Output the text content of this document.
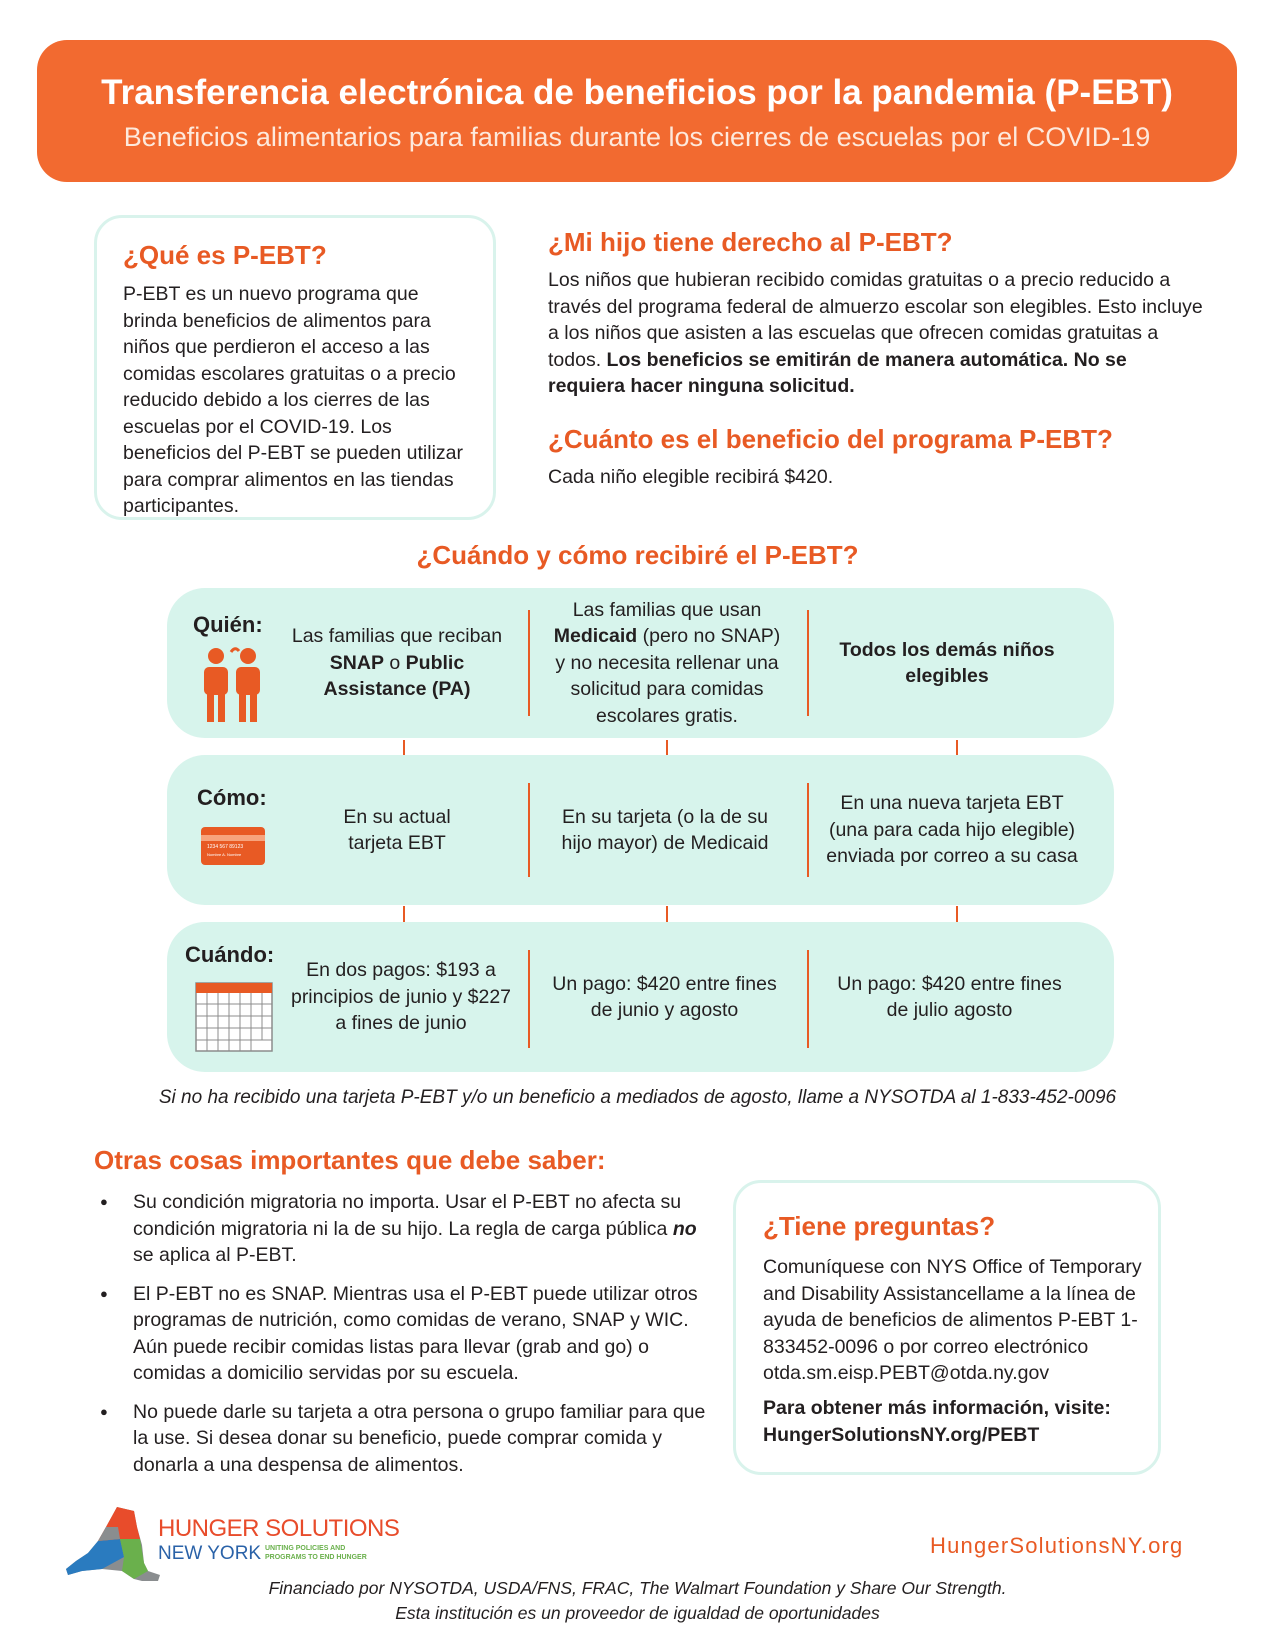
Transferencia electrónica de beneficios por la pandemia (P-EBT)
Beneficios alimentarios para familias durante los cierres de escuelas por el COVID-19
¿Qué es P-EBT?

P-EBT es un nuevo programa que brinda beneficios de alimentos para niños que perdieron el acceso a las comidas escolares gratuitas o a precio reducido debido a los cierres de las escuelas por el COVID-19. Los beneficios del P-EBT se pueden utilizar para comprar alimentos en las tiendas participantes.

¿Mi hijo tiene derecho al P-EBT?

Los niños que hubieran recibido comidas gratuitas o a precio reducido a través del programa federal de almuerzo escolar son elegibles. Esto incluye a los niños que asisten a las escuelas que ofrecen comidas gratuitas a todos. Los beneficios se emitirán de manera automática. No se requiera hacer ninguna solicitud.

¿Cuánto es el beneficio del programa P-EBT?

Cada niño elegible recibirá $420.

¿Cuándo y cómo recibiré el P-EBT?
Quién:	Las familias que reciban
SNAP o Public Assistance (PA)
Las familias que usan
Medicaid (pero no SNAP) y no necesita rellenar una solicitud para comidas escolares gratis.
Todos los demás niños elegibles
Cómo:
1234 567 89123
Nombre A. Nombre
En su actual tarjeta EBT
En su tarjeta (o la de su hijo mayor) de Medicaid
En una nueva tarjeta EBT (una para cada hijo elegible) enviada por correo a su casa
Cuándo:
En dos pagos: $193 a principios de junio y $227 a fines de junio
Un pago: $420 entre fines de junio y agosto
Un pago: $420 entre fines de julio agosto

Si no ha recibido una tarjeta P-EBT y/o un beneficio a mediados de agosto, llame a NYSOTDA al 1-833-452-0096

Otras cosas importantes que debe saber:
● Su condición migratoria no importa. Usar el P-EBT no afecta su condición migratoria ni la de su hijo. La regla de carga pública no se aplica al P-EBT.
● El P-EBT no es SNAP. Mientras usa el P-EBT puede utilizar otros programas de nutrición, como comidas de verano, SNAP y WIC. Aún puede recibir comidas listas para llevar (grab and go) o comidas a domicilio servidas por su escuela.
● No puede darle su tarjeta a otra persona o grupo familiar para que la use. Si desea donar su beneficio, puede comprar comida y donarla a una despensa de alimentos.
¿Tiene preguntas?

Comuníquese con NYS Office of Temporary and Disability Assistancellame a la línea de ayuda de beneficios de alimentos P-EBT 1-833452-0096 o por correo electrónico otda.sm.eisp.PEBT@otda.ny.gov

Para obtener más información, visite: HungerSolutionsNY.org/PEBT

HUNGER SOLUTIONS
NEW YORK UNITING POLICIES AND
PROGRAMS TO END HUNGER	HungerSolutionsNY.org

Financiado por NYSOTDA, USDA/FNS, FRAC, The Walmart Foundation y Share Our Strength.

Esta institución es un proveedor de igualdad de oportunidades
